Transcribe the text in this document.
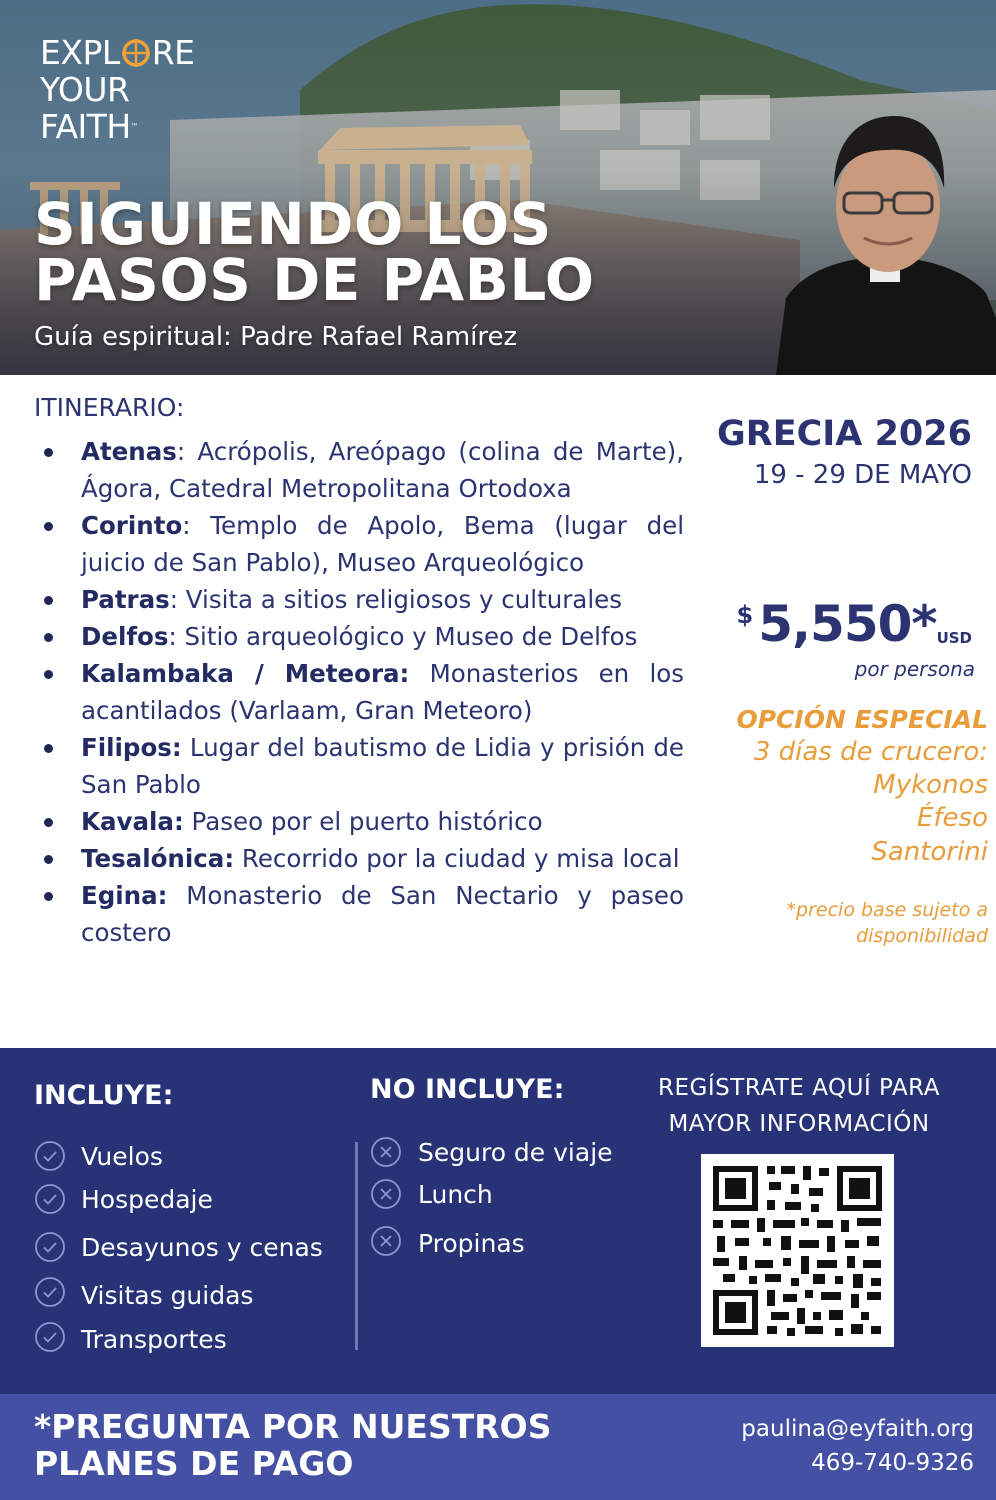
EXPL RE
YOUR
FAITH™
SIGUIENDO LOS
PASOS DE PABLO
Guía espiritual: Padre Rafael Ramírez
ITINERARIO:
Atenas: Acrópolis, Areópago (colina de Marte), Ágora, Catedral Metropolitana Ortodoxa
Corinto: Templo de Apolo, Bema (lugar del juicio de San Pablo), Museo Arqueológico
Patras: Visita a sitios religiosos y culturales
Delfos: Sitio arqueológico y Museo de Delfos
Kalambaka / Meteora: Monasterios en los acantilados (Varlaam, Gran Meteoro)
Filipos: Lugar del bautismo de Lidia y prisión de San Pablo
Kavala: Paseo por el puerto histórico
Tesalónica: Recorrido por la ciudad y misa local
Egina: Monasterio de San Nectario y paseo costero
GRECIA 2026
19 - 29 DE MAYO
$ 5,550*USD
por persona
OPCIÓN ESPECIAL
3 días de crucero:
Mykonos
Éfeso
Santorini
*precio base sujeto a
disponibilidad
INCLUYE:
Vuelos
Hospedaje
Desayunos y cenas
Visitas guidas
Transportes
NO INCLUYE:
Seguro de viaje
Lunch
Propinas
REGÍSTRATE AQUÍ PARA
MAYOR INFORMACIÓN
*PREGUNTA POR NUESTROS
PLANES DE PAGO
paulina@eyfaith.org
469-740-9326
